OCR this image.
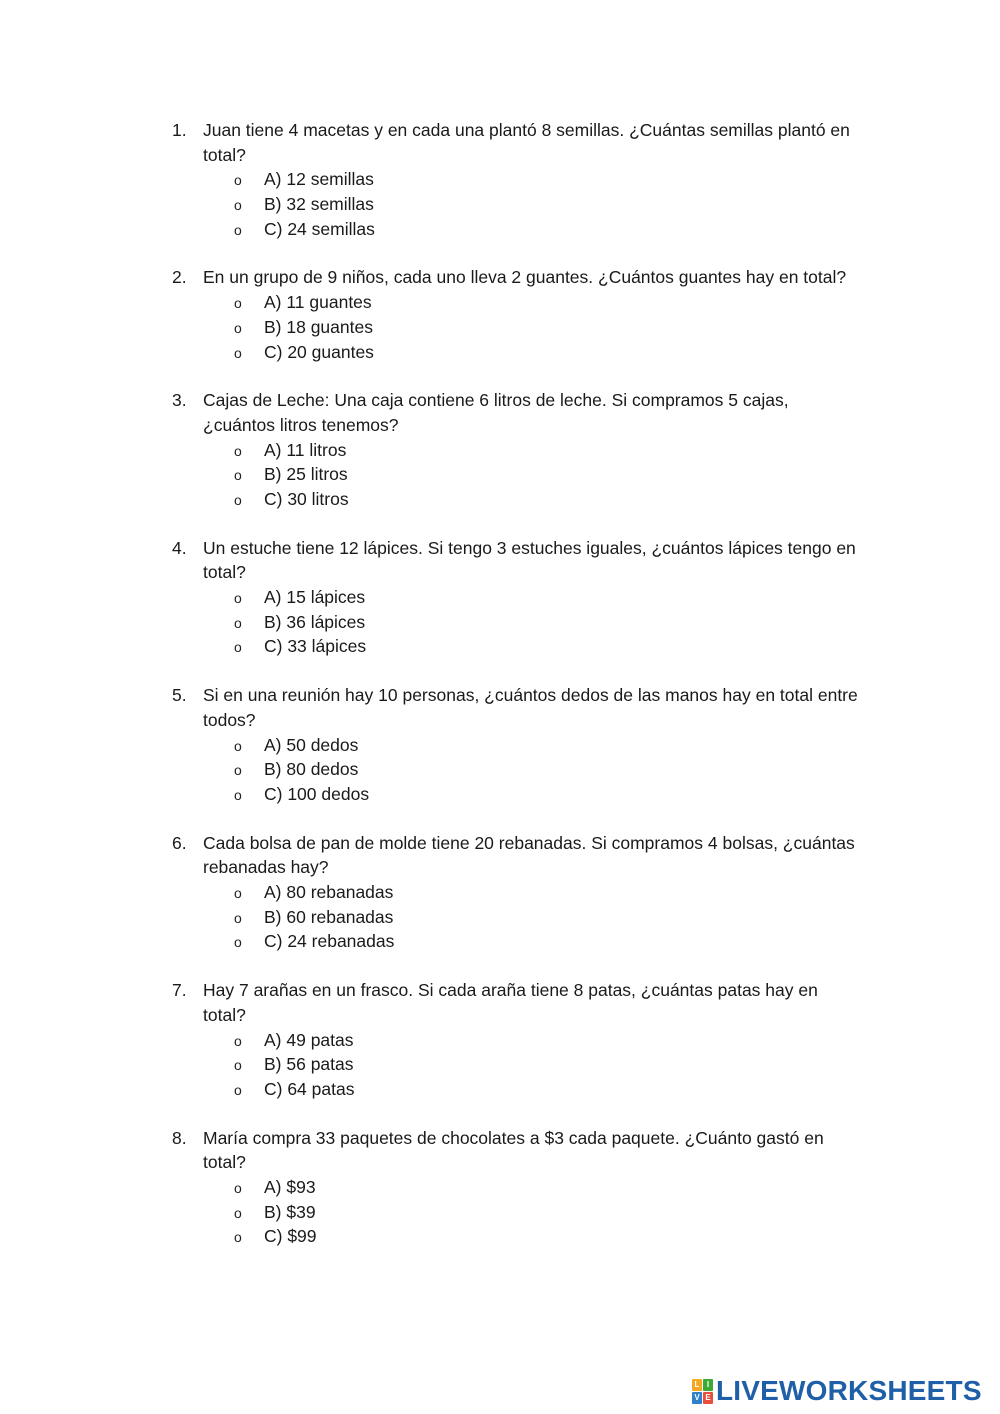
1. Juan tiene 4 macetas y en cada una plantó 8 semillas. ¿Cuántas semillas plantó en total?
o A) 12 semillas
o B) 32 semillas
o C) 24 semillas
2. En un grupo de 9 niños, cada uno lleva 2 guantes. ¿Cuántos guantes hay en total?
o A) 11 guantes
o B) 18 guantes
o C) 20 guantes
3. Cajas de Leche: Una caja contiene 6 litros de leche. Si compramos 5 cajas, ¿cuántos litros tenemos?
o A) 11 litros
o B) 25 litros
o C) 30 litros
4. Un estuche tiene 12 lápices. Si tengo 3 estuches iguales, ¿cuántos lápices tengo en total?
o A) 15 lápices
o B) 36 lápices
o C) 33 lápices
5. Si en una reunión hay 10 personas, ¿cuántos dedos de las manos hay en total entre todos?
o A) 50 dedos
o B) 80 dedos
o C) 100 dedos
6. Cada bolsa de pan de molde tiene 20 rebanadas. Si compramos 4 bolsas, ¿cuántas rebanadas hay?
o A) 80 rebanadas
o B) 60 rebanadas
o C) 24 rebanadas
7. Hay 7 arañas en un frasco. Si cada araña tiene 8 patas, ¿cuántas patas hay en total?
o A) 49 patas
o B) 56 patas
o C) 64 patas
8. María compra 33 paquetes de chocolates a $3 cada paquete. ¿Cuánto gastó en total?
o A) $93
o B) $39
o C) $99
L I
V E LIVEWORKSHEETS
